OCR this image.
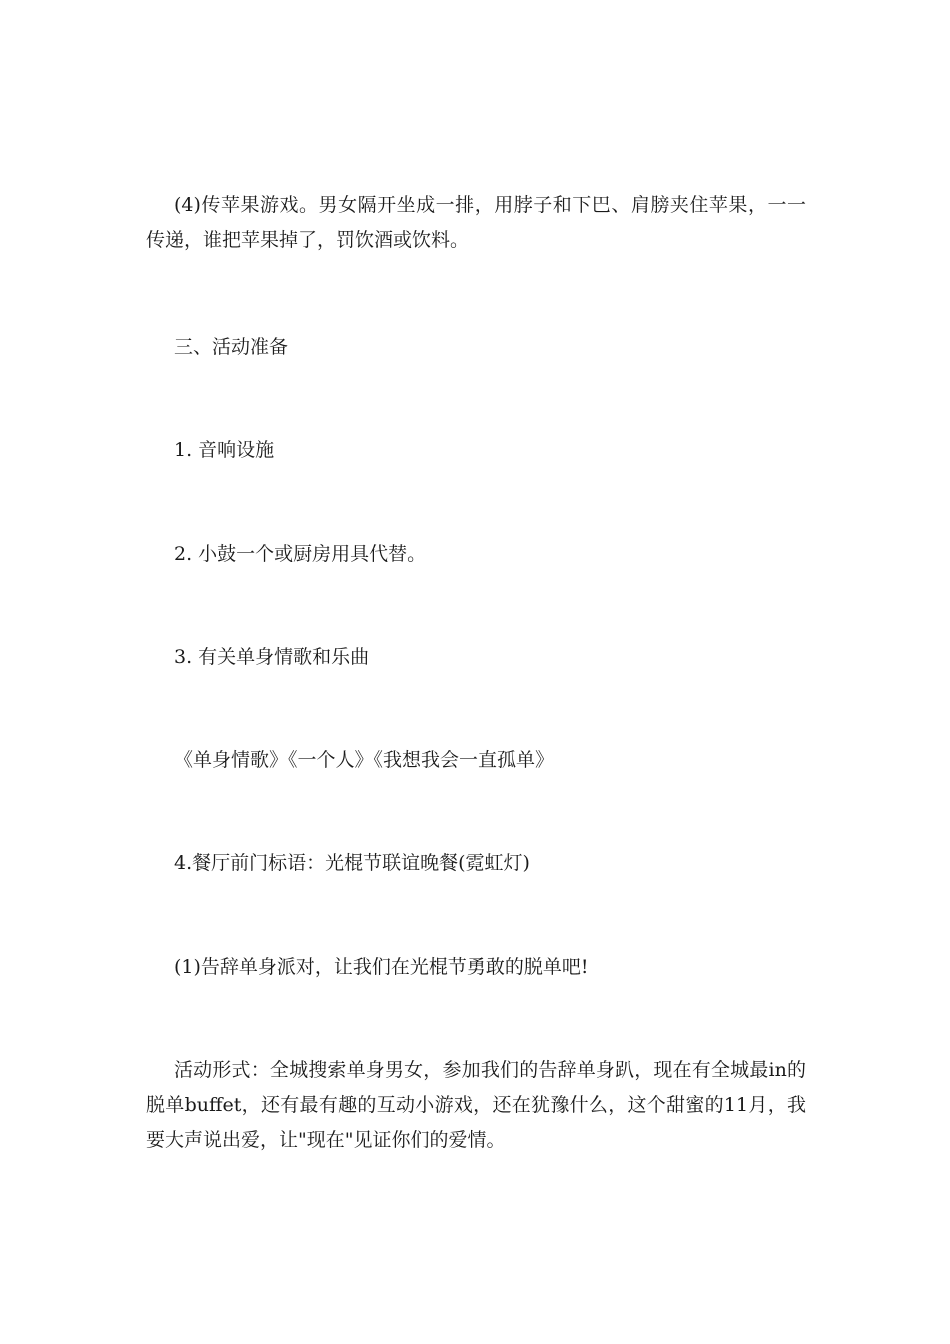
(4)传苹果游戏。男女隔开坐成一排，用脖子和下巴、肩膀夹住苹果，一一传递，谁把苹果掉了，罚饮酒或饮料。

三、活动准备

1. 音响设施

2. 小鼓一个或厨房用具代替。

3. 有关单身情歌和乐曲

《单身情歌》《一个人》《我想我会一直孤单》

4.餐厅前门标语：光棍节联谊晚餐(霓虹灯)

(1)告辞单身派对，让我们在光棍节勇敢的脱单吧!

活动形式：全城搜索单身男女，参加我们的告辞单身趴，现在有全城最in的脱单buffet，还有最有趣的互动小游戏，还在犹豫什么，这个甜蜜的11月，我要大声说出爱，让"现在"见证你们的爱情。
